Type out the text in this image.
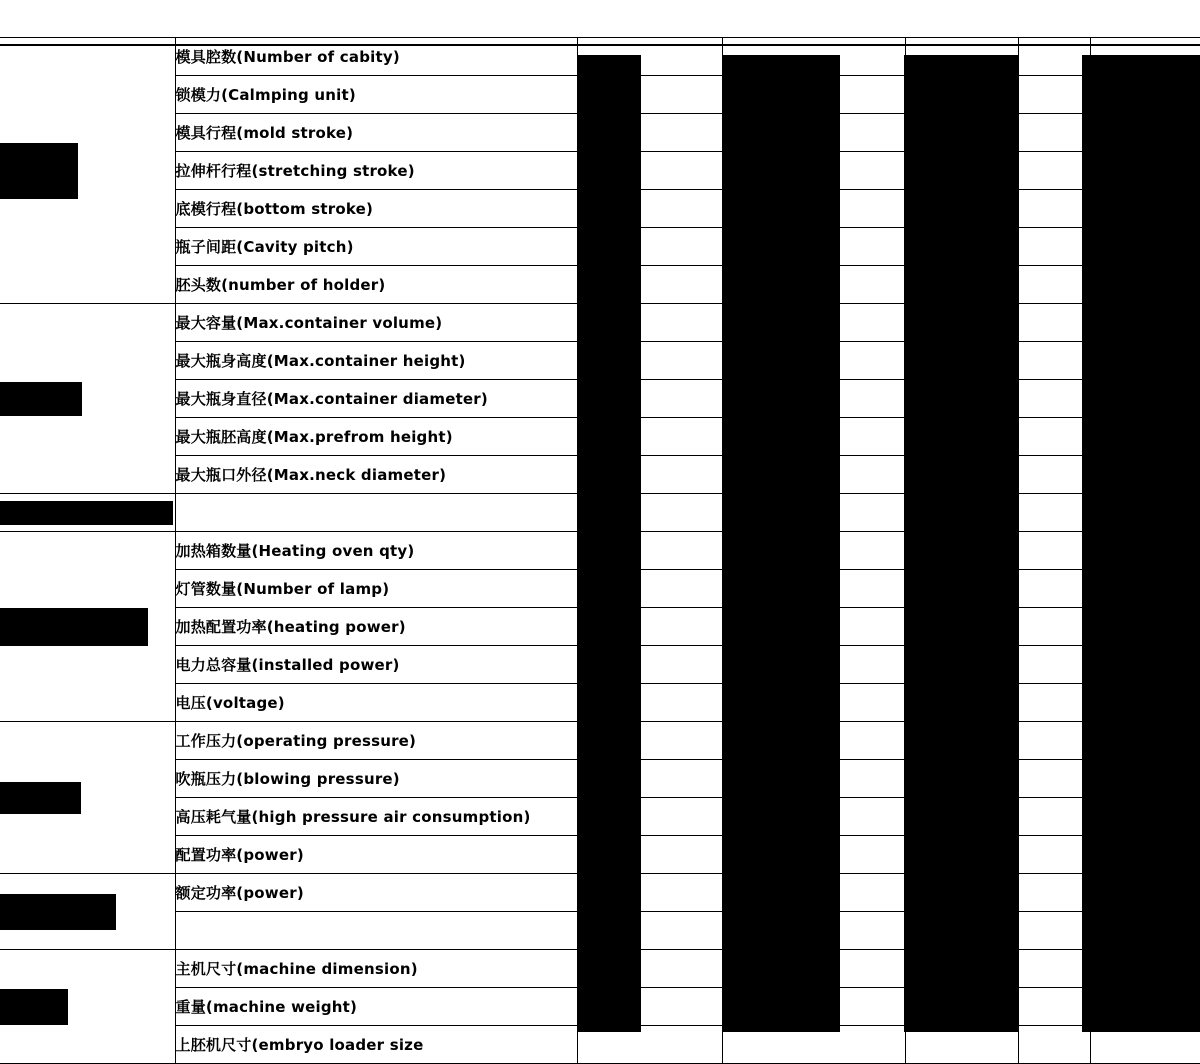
	模具腔数(Number of cabity)					
	锁模力(Calmping unit)					
	模具行程(mold stroke)					
	拉伸杆行程(stretching stroke)					
	底模行程(bottom stroke)					
	瓶子间距(Cavity pitch)					
	胚头数(number of holder)					
	最大容量(Max.container volume)					
	最大瓶身高度(Max.container height)					
	最大瓶身直径(Max.container diameter)					
	最大瓶胚高度(Max.prefrom height)					
	最大瓶口外径(Max.neck diameter)					

	加热箱数量(Heating oven qty)					
	灯管数量(Number of lamp)					
	加热配置功率(heating power)					
	电力总容量(installed power)					
	电压(voltage)					
	工作压力(operating pressure)					
	吹瓶压力(blowing pressure)					
	高压耗气量(high pressure air consumption)					
	配置功率(power)					
	额定功率(power)					

	主机尺寸(machine dimension)					
	重量(machine weight)					
	上胚机尺寸(embryo loader size					
